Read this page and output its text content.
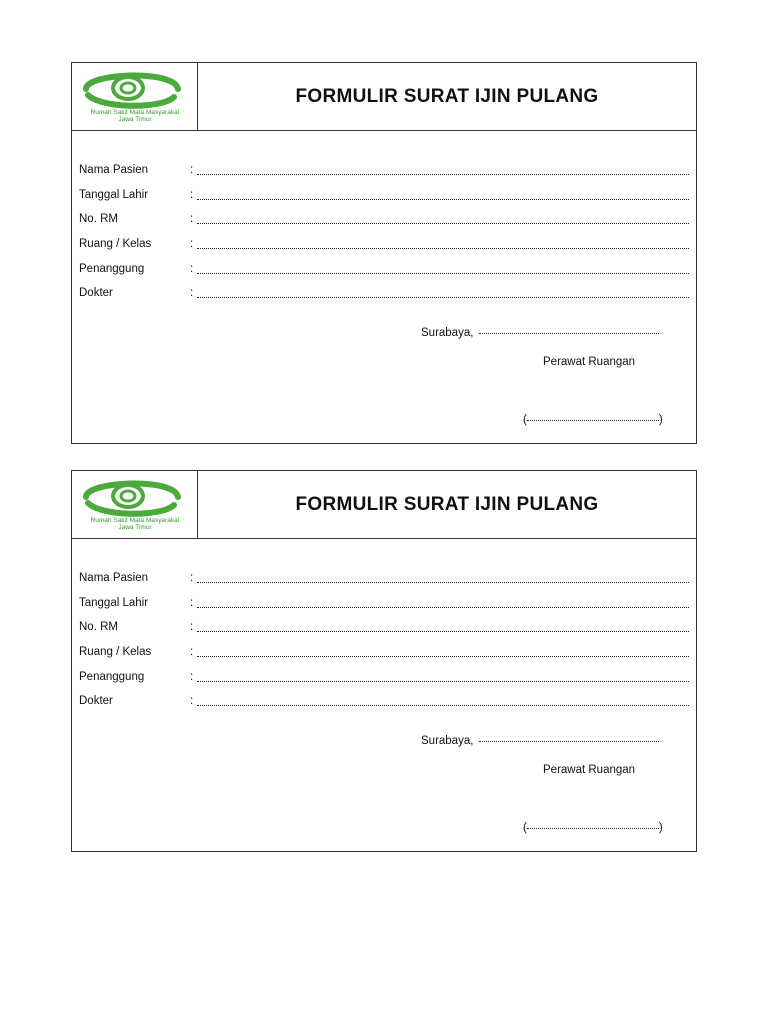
Rumah Sakit Mata Masyarakat
Jawa Timur
FORMULIR SURAT IJIN PULANG
Nama Pasien	:
Tanggal Lahir	:
No. RM	:
Ruang / Kelas	:
Penanggung	:
Dokter	:
Surabaya,
Perawat Ruangan
(	)
Rumah Sakit Mata Masyarakat
Jawa Timur
FORMULIR SURAT IJIN PULANG
Nama Pasien	:
Tanggal Lahir	:
No. RM	:
Ruang / Kelas	:
Penanggung	:
Dokter	:
Surabaya,
Perawat Ruangan
(	)
